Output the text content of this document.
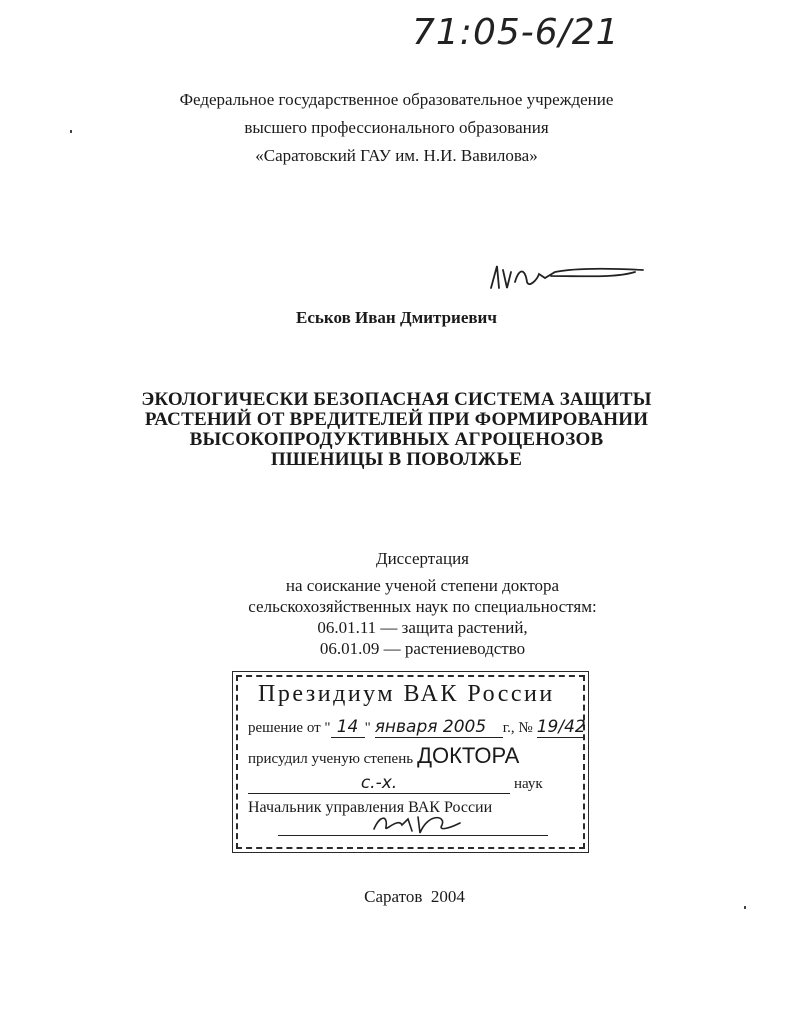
71:05-6/21
Федеральное государственное образовательное учреждение
высшего профессионального образования
«Саратовский ГАУ им. Н.И. Вавилова»
Еськов Иван Дмитриевич
ЭКОЛОГИЧЕСКИ БЕЗОПАСНАЯ СИСТЕМА ЗАЩИТЫ
РАСТЕНИЙ ОТ ВРЕДИТЕЛЕЙ ПРИ ФОРМИРОВАНИИ
ВЫСОКОПРОДУКТИВНЫХ АГРОЦЕНОЗОВ
ПШЕНИЦЫ В ПОВОЛЖЬЕ
Диссертация
на соискание ученой степени доктора
сельскохозяйственных наук по специальностям:
06.01.11 — защита растений,
06.01.09 — растениеводство
Президиум ВАК России
решение от " 14 " января 2005 г., № 19/42
присудил ученую степень ДОКТОРА
с.-х.	наук
Начальник управления ВАК России
Саратов  2004
